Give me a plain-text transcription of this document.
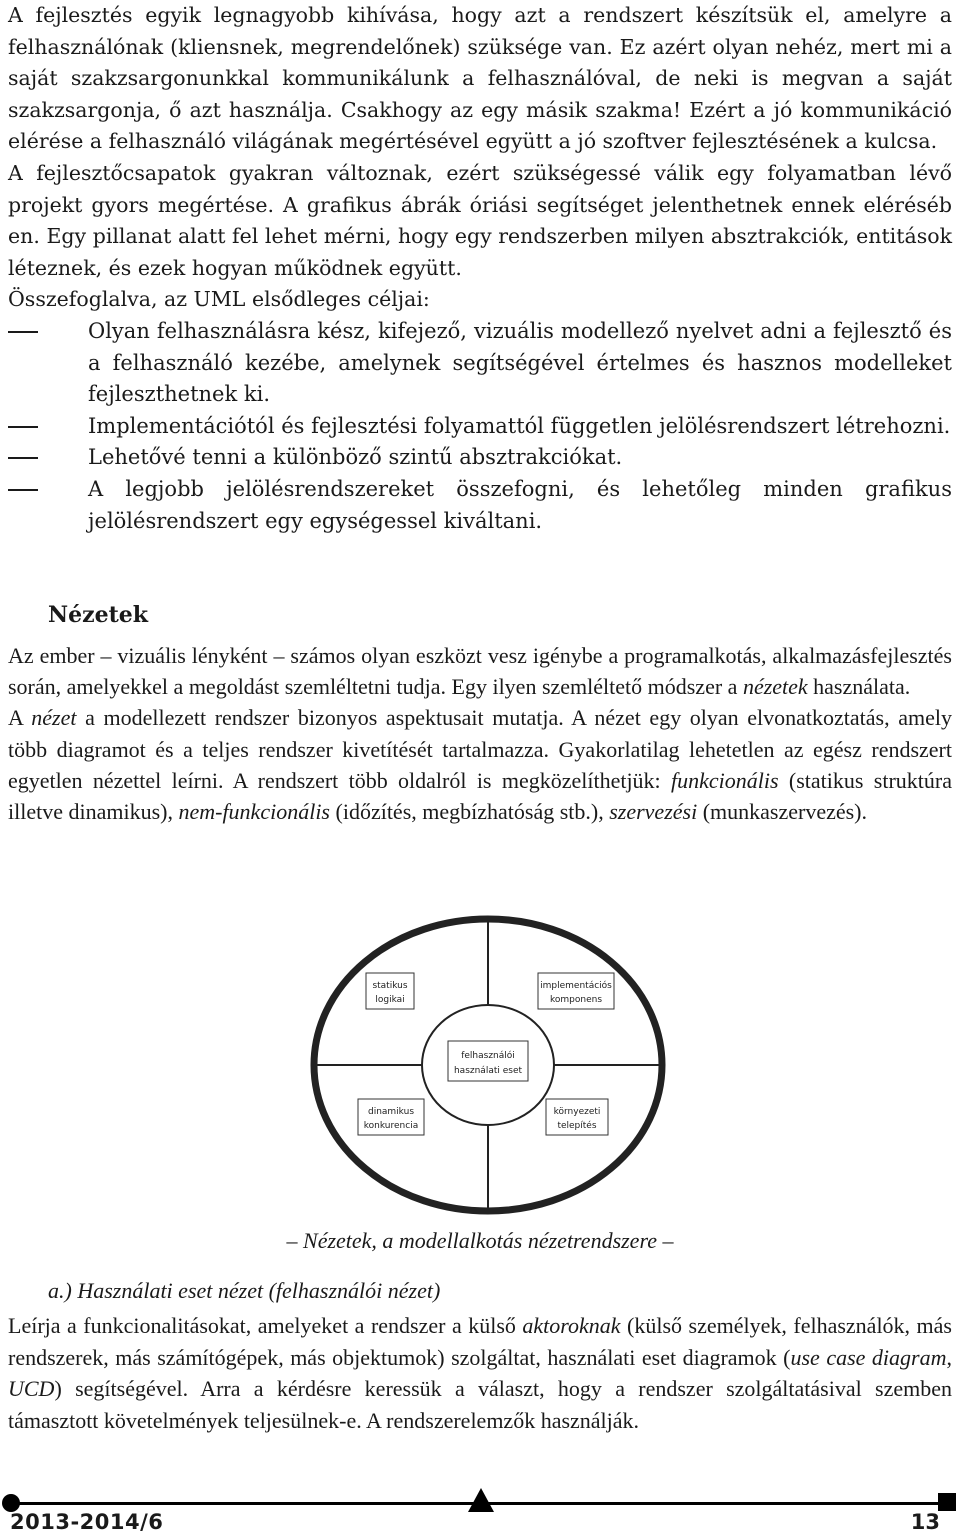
A fejlesztés egyik legnagyobb kihívása, hogy azt a rendszert készítsük el, amelyre a felhasználónak (kliensnek, megrendelőnek) szüksége van. Ez azért olyan nehéz, mert mi a saját szakzsargonunkkal kommunikálunk a felhasználóval, de neki is megvan a saját szakzsargonja, ő azt használja. Csakhogy az egy másik szakma! Ezért a jó kommunikáció elérése a felhasználó világának megértésével együtt a jó szoftver fejlesztésének a kulcsa.

A fejlesztőcsapatok gyakran változnak, ezért szükségessé válik egy folyamatban lévő projekt gyors megértése. A grafikus ábrák óriási segítséget jelenthetnek ennek eléréséb en. Egy pillanat alatt fel lehet mérni, hogy egy rendszerben milyen absztrakciók, entitások léteznek, és ezek hogyan működnek együtt.

Összefoglalva, az UML elsődleges céljai:

Olyan felhasználásra kész, kifejező, vizuális modellező nyelvet adni a fejlesztő és a felhasználó kezébe, amelynek segítségével értelmes és hasznos modelleket fejleszthetnek ki.
Implementációtól és fejlesztési folyamattól független jelölésrendszert létrehozni.
Lehetővé tenni a különböző szintű absztrakciókat.
A legjobb jelölésrendszereket összefogni, és lehetőleg minden grafikus jelölésrendszert egy egységessel kiváltani.
Nézetek

Az ember – vizuális lényként – számos olyan eszközt vesz igénybe a programalkotás, alkalmazásfejlesztés során, amelyekkel a megoldást szemléltetni tudja. Egy ilyen szemléltető módszer a nézetek használata.

A nézet a modellezett rendszer bizonyos aspektusait mutatja. A nézet egy olyan elvonatkoztatás, amely több diagramot és a teljes rendszer kivetítését tartalmazza. Gyakorlatilag lehetetlen az egész rendszert egyetlen nézettel leírni. A rendszert több oldalról is megközelíthetjük: funkcionális (statikus struktúra illetve dinamikus), nem-funkcionális (időzítés, megbízhatóság stb.), szervezési (munkaszervezés).

statikus
logikai
implementációs
komponens
felhasználói
használati eset
dinamikus
konkurencia
környezeti
telepítés
– Nézetek, a modellalkotás nézetrendszere –
a.) Használati eset nézet (felhasználói nézet)

Leírja a funkcionalitásokat, amelyeket a rendszer a külső aktoroknak (külső személyek, felhasználók, más rendszerek, más számítógépek, más objektumok) szolgáltat, használati eset diagramok (use case diagram, UCD) segítségével. Arra a kérdésre keressük a választ, hogy a rendszer szolgáltatásival szemben támasztott követelmények teljesülnek-e. A rendszerelemzők használják.

2013-2014/6	13
